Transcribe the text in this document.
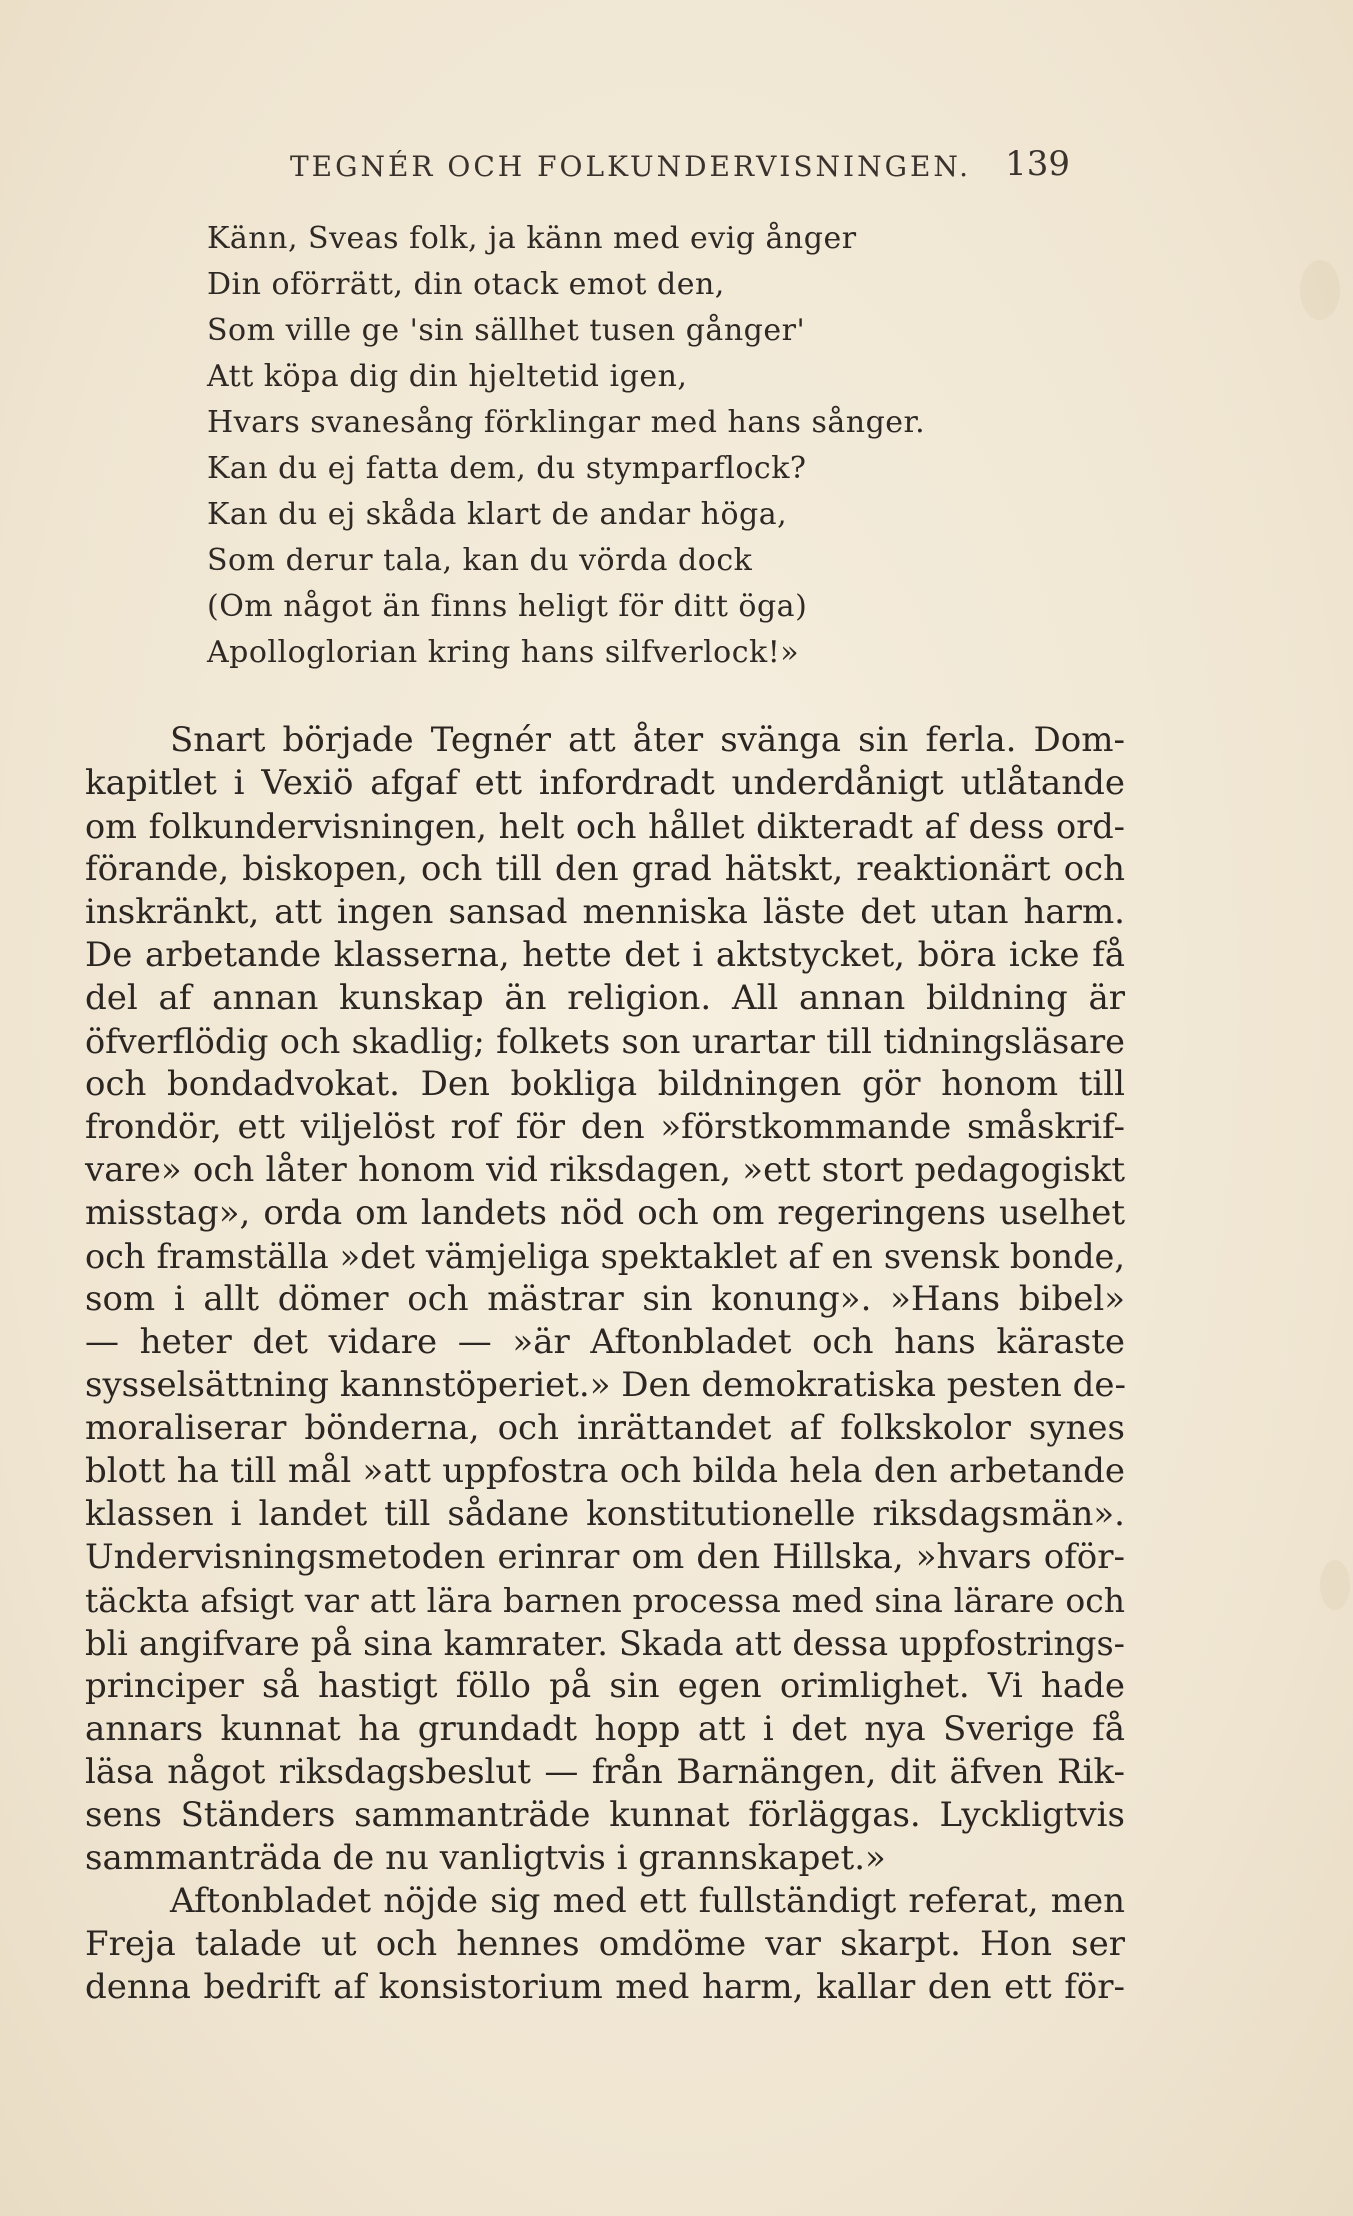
TEGNÉR OCH FOLKUNDERVISNINGEN. 139
Känn, Sveas folk, ja känn med evig ånger
Din oförrätt, din otack emot den,
Som ville ge 'sin sällhet tusen gånger'
Att köpa dig din hjeltetid igen,
Hvars svanesång förklingar med hans sånger.
Kan du ej fatta dem, du stymparflock?
Kan du ej skåda klart de andar höga,
Som derur tala, kan du vörda dock
(Om något än finns heligt för ditt öga)
Apolloglorian kring hans silfverlock!»
Snart började Tegnér att åter svänga sin ferla. Dom-
kapitlet i Vexiö afgaf ett infordradt underdånigt utlåtande
om folkundervisningen, helt och hållet dikteradt af dess ord-
förande, biskopen, och till den grad hätskt, reaktionärt och
inskränkt, att ingen sansad menniska läste det utan harm.
De arbetande klasserna, hette det i aktstycket, böra icke få
del af annan kunskap än religion. All annan bildning är
öfverflödig och skadlig; folkets son urartar till tidningsläsare
och bondadvokat. Den bokliga bildningen gör honom till
frondör, ett viljelöst rof för den »förstkommande småskrif-
vare» och låter honom vid riksdagen, »ett stort pedagogiskt
misstag», orda om landets nöd och om regeringens uselhet
och framställa »det vämjeliga spektaklet af en svensk bonde,
som i allt dömer och mästrar sin konung». »Hans bibel»
— heter det vidare — »är Aftonbladet och hans käraste
sysselsättning kannstöperiet.» Den demokratiska pesten de-
moraliserar bönderna, och inrättandet af folkskolor synes
blott ha till mål »att uppfostra och bilda hela den arbetande
klassen i landet till sådane konstitutionelle riksdagsmän».
Undervisningsmetoden erinrar om den Hillska, »hvars oför-
täckta afsigt var att lära barnen processa med sina lärare och
bli angifvare på sina kamrater. Skada att dessa uppfostrings-
principer så hastigt föllo på sin egen orimlighet. Vi hade
annars kunnat ha grundadt hopp att i det nya Sverige få
läsa något riksdagsbeslut — från Barnängen, dit äfven Rik-
sens Ständers sammanträde kunnat förläggas. Lyckligtvis
sammanträda de nu vanligtvis i grannskapet.»
Aftonbladet nöjde sig med ett fullständigt referat, men
Freja talade ut och hennes omdöme var skarpt. Hon ser
denna bedrift af konsistorium med harm, kallar den ett för-
